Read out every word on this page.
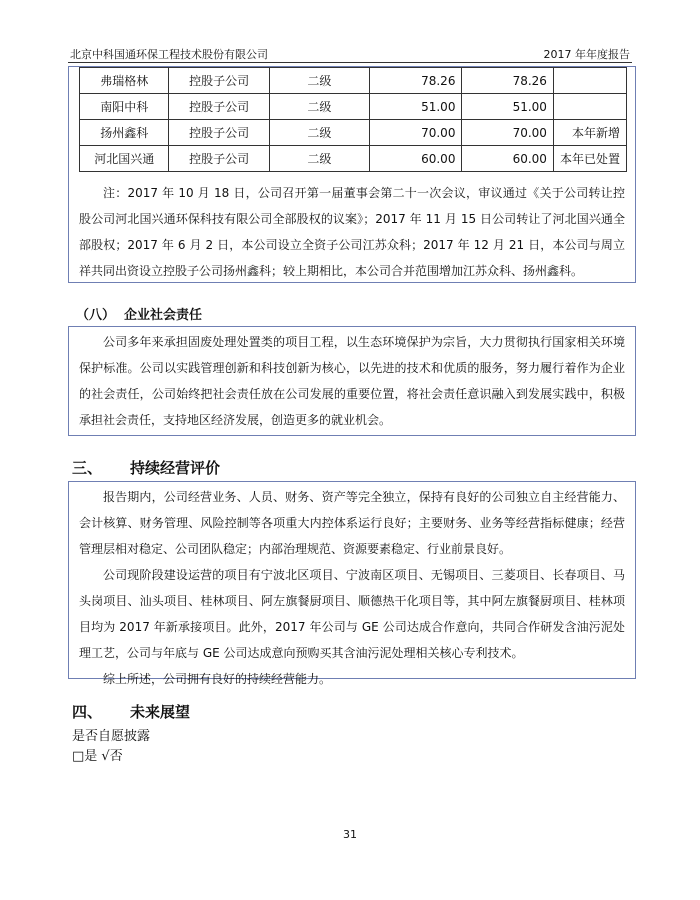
北京中科国通环保工程技术股份有限公司	2017 年年度报告
弗瑞格林	控股子公司	二级	78.26	78.26	
南阳中科	控股子公司	二级	51.00	51.00	
扬州鑫科	控股子公司	二级	70.00	70.00	本年新增
河北国兴通	控股子公司	二级	60.00	60.00	本年已处置
注：2017 年 10 月 18 日，公司召开第一届董事会第二十一次会议，审议通过《关于公司转让控股公司河北国兴通环保科技有限公司全部股权的议案》；2017 年 11 月 15 日公司转让了河北国兴通全部股权；2017 年 6 月 2 日，本公司设立全资子公司江苏众科；2017 年 12 月 21 日，本公司与周立祥共同出资设立控股子公司扬州鑫科；较上期相比，本公司合并范围增加江苏众科、扬州鑫科。
（八） 企业社会责任
公司多年来承担固废处理处置类的项目工程，以生态环境保护为宗旨，大力贯彻执行国家相关环境保护标准。公司以实践管理创新和科技创新为核心，以先进的技术和优质的服务，努力履行着作为企业的社会责任，公司始终把社会责任放在公司发展的重要位置，将社会责任意识融入到发展实践中，积极承担社会责任，支持地区经济发展，创造更多的就业机会。
三、 持续经营评价

报告期内，公司经营业务、人员、财务、资产等完全独立，保持有良好的公司独立自主经营能力、会计核算、财务管理、风险控制等各项重大内控体系运行良好；主要财务、业务等经营指标健康；经营管理层相对稳定、公司团队稳定；内部治理规范、资源要素稳定、行业前景良好。

公司现阶段建设运营的项目有宁波北区项目、宁波南区项目、无锡项目、三菱项目、长春项目、马头岗项目、汕头项目、桂林项目、阿左旗餐厨项目、顺德热干化项目等，其中阿左旗餐厨项目、桂林项目均为 2017 年新承接项目。此外，2017 年公司与 GE 公司达成合作意向，共同合作研发含油污泥处理工艺，公司与年底与 GE 公司达成意向预购买其含油污泥处理相关核心专利技术。

综上所述，公司拥有良好的持续经营能力。

四、 未来展望
是否自愿披露
□是 √否
31
